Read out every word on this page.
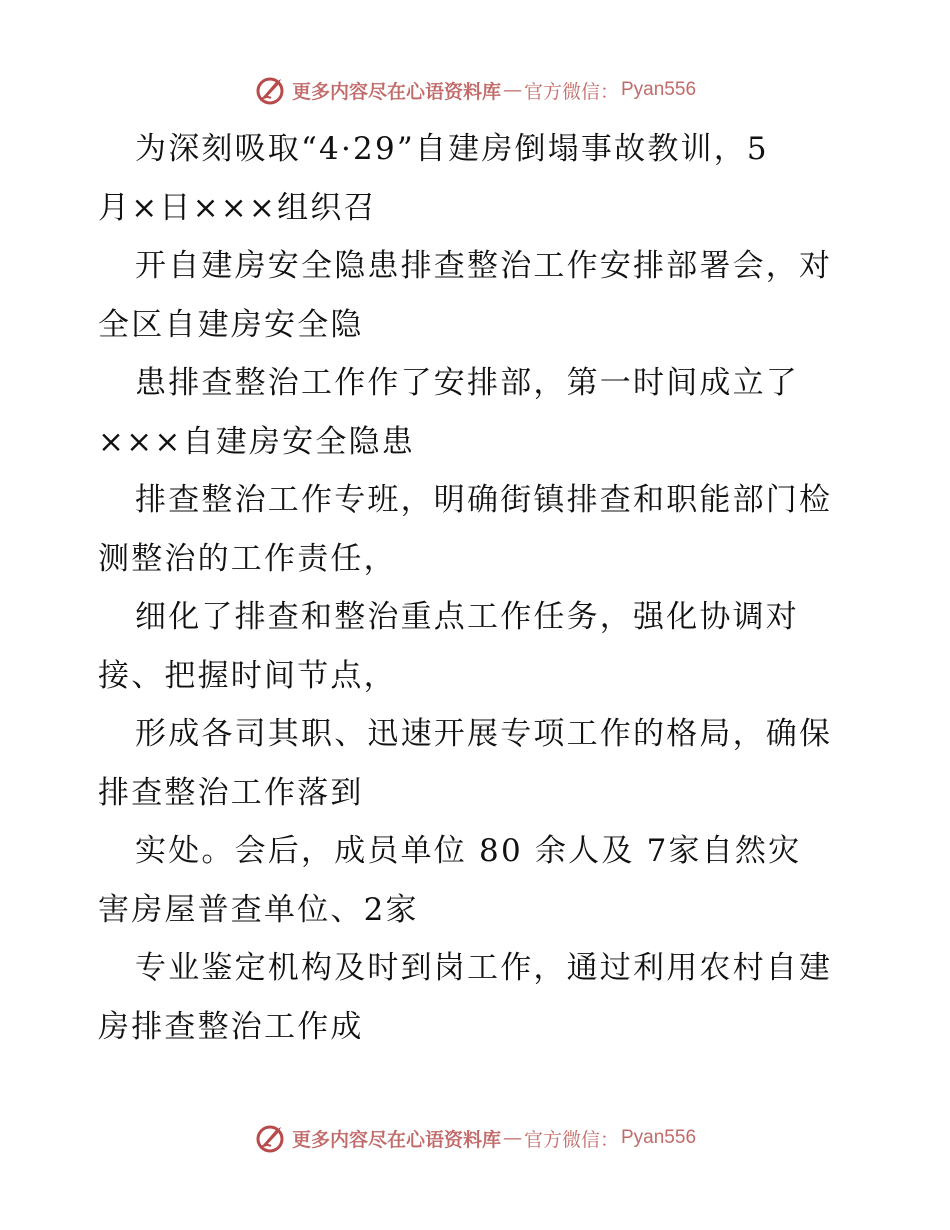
更多内容尽在心语资料库 — 官方微信： Pyan556
为深刻吸取“4·29”自建房倒塌事故教训，5
月×日×××组织召
开自建房安全隐患排查整治工作安排部署会，对
全区自建房安全隐
患排查整治工作作了安排部，第一时间成立了
×××自建房安全隐患
排查整治工作专班，明确街镇排查和职能部门检
测整治的工作责任，
细化了排查和整治重点工作任务，强化协调对
接、把握时间节点，
形成各司其职、迅速开展专项工作的格局，确保
排查整治工作落到
实处。会后，成员单位 80 余人及 7家自然灾
害房屋普查单位、2家
专业鉴定机构及时到岗工作，通过利用农村自建
房排查整治工作成
更多内容尽在心语资料库 — 官方微信： Pyan556
